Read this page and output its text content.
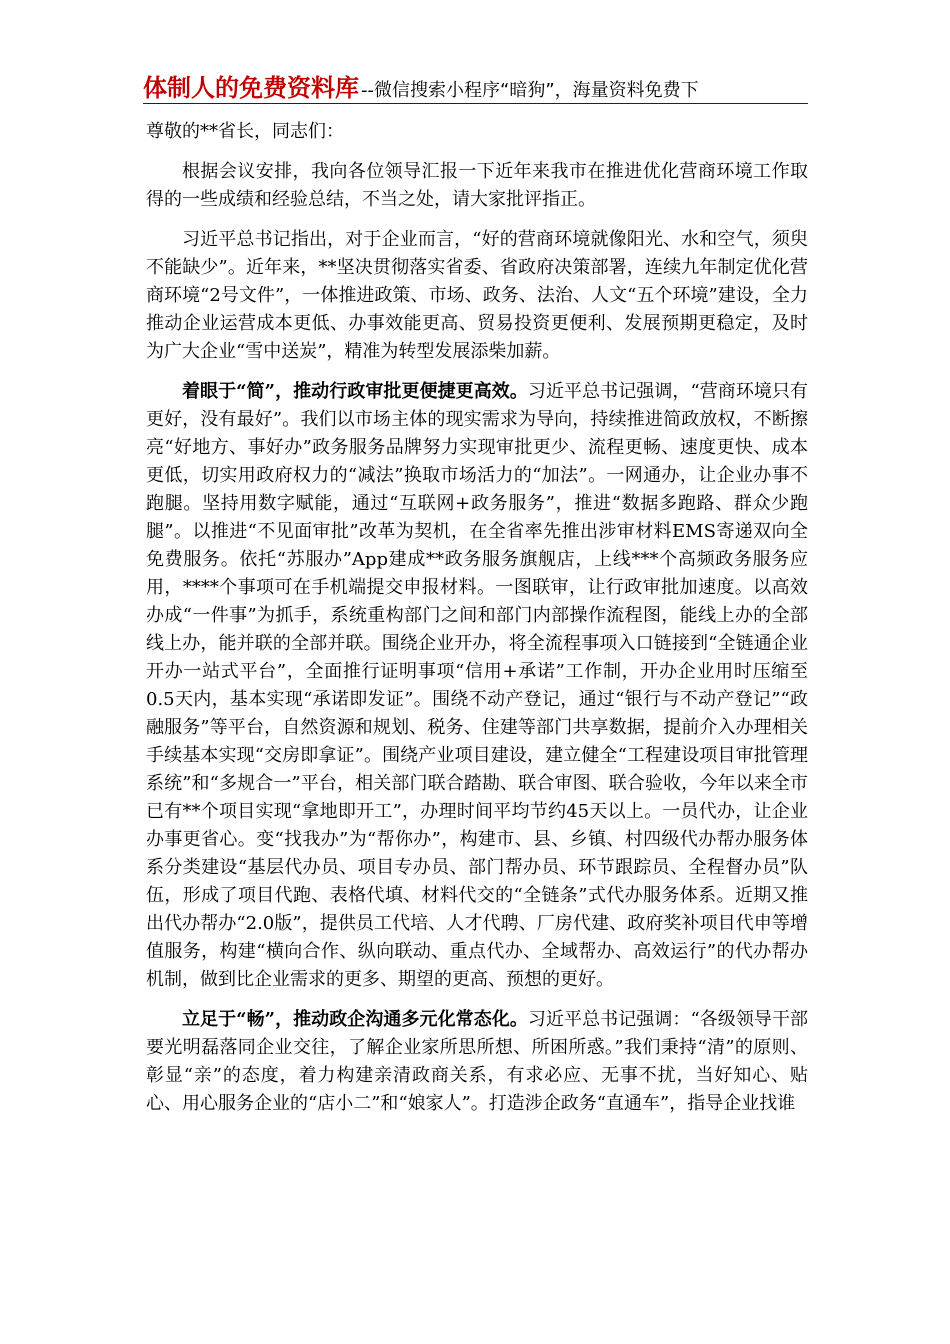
体制人的免费资料库 --微信搜索小程序“暗狗”，海量资料免费下

尊敬的**省长，同志们：

根据会议安排，我向各位领导汇报一下近年来我市在推进优化营商环境工作取得的一些成绩和经验总结，不当之处，请大家批评指正。

习近平总书记指出，对于企业而言，“好的营商环境就像阳光、水和空气，须臾不能缺少”。近年来，**坚决贯彻落实省委、省政府决策部署，连续九年制定优化营商环境“2号文件”，一体推进政策、市场、政务、法治、人文“五个环境”建设，全力推动企业运营成本更低、办事效能更高、贸易投资更便利、发展预期更稳定，及时为广大企业“雪中送炭”，精准为转型发展添柴加薪。

着眼于“简”，推动行政审批更便捷更高效。习近平总书记强调，“营商环境只有更好，没有最好”。我们以市场主体的现实需求为导向，持续推进简政放权，不断擦亮“好地方、事好办”政务服务品牌努力实现审批更少、流程更畅、速度更快、成本更低，切实用政府权力的“减法”换取市场活力的“加法”。一网通办，让企业办事不跑腿。坚持用数字赋能，通过“互联网+政务服务”，推进“数据多跑路、群众少跑腿”。以推进“不见面审批”改革为契机，在全省率先推出涉审材料EMS寄递双向全免费服务。依托“苏服办”App建成**政务服务旗舰店，上线***个高频政务服务应用，****个事项可在手机端提交申报材料。一图联审，让行政审批加速度。以高效办成“一件事”为抓手，系统重构部门之间和部门内部操作流程图，能线上办的全部线上办，能并联的全部并联。围绕企业开办，将全流程事项入口链接到“全链通企业开办一站式平台”，全面推行证明事项“信用+承诺”工作制，开办企业用时压缩至0.5天内，基本实现“承诺即发证”。围绕不动产登记，通过“银行与不动产登记”“政融服务”等平台，自然资源和规划、税务、住建等部门共享数据，提前介入办理相关手续基本实现“交房即拿证”。围绕产业项目建设，建立健全“工程建设项目审批管理系统”和“多规合一”平台，相关部门联合踏勘、联合审图、联合验收，今年以来全市已有**个项目实现“拿地即开工”，办理时间平均节约45天以上。一员代办，让企业办事更省心。变“找我办”为“帮你办”，构建市、县、乡镇、村四级代办帮办服务体系分类建设“基层代办员、项目专办员、部门帮办员、环节跟踪员、全程督办员”队伍，形成了项目代跑、表格代填、材料代交的“全链条”式代办服务体系。近期又推出代办帮办“2.0版”，提供员工代培、人才代聘、厂房代建、政府奖补项目代申等增值服务，构建“横向合作、纵向联动、重点代办、全域帮办、高效运行”的代办帮办机制，做到比企业需求的更多、期望的更高、预想的更好。

立足于“畅”，推动政企沟通多元化常态化。习近平总书记强调：“各级领导干部要光明磊落同企业交往，了解企业家所思所想、所困所惑。”我们秉持“清”的原则、彰显“亲”的态度，着力构建亲清政商关系，有求必应、无事不扰，当好知心、贴心、用心服务企业的“店小二”和“娘家人”。打造涉企政务“直通车”，指导企业找谁
